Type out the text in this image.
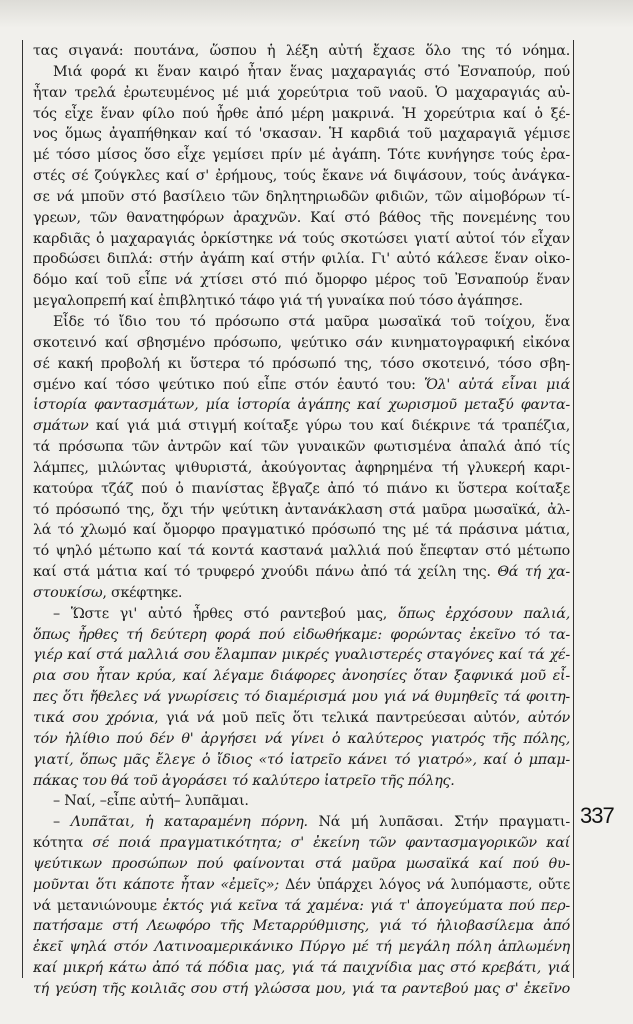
τας σιγανά: πουτάνα, ὥσπου ἡ λέξη αὐτή ἔχασε ὅλο της τό νόημα.
Μιά φορά κι ἕναν καιρό ἦταν ἕνας μαχαραγιάς στό Ἐσναπούρ, πού
ἦταν τρελά ἐρωτευμένος μέ μιά χορεύτρια τοῦ ναοῦ. Ὁ μαχαραγιάς αὐ-
τός εἶχε ἕναν φίλο πού ἦρθε ἀπό μέρη μακρινά. Ἡ χορεύτρια καί ὁ ξέ-
νος ὅμως ἀγαπήθηκαν καί τό 'σκασαν. Ἡ καρδιά τοῦ μαχαραγιᾶ γέμισε
μέ τόσο μίσος ὅσο εἶχε γεμίσει πρίν μέ ἀγάπη. Τότε κυνήγησε τούς ἐρα-
στές σέ ζούγκλες καί σ' ἐρήμους, τούς ἔκανε νά διψάσουν, τούς ἀνάγκα-
σε νά μποῦν στό βασίλειο τῶν δηλητηριωδῶν φιδιῶν, τῶν αἱμοβόρων τί-
γρεων, τῶν θανατηφόρων ἀραχνῶν. Καί στό βάθος τῆς πονεμένης του
καρδιᾶς ὁ μαχαραγιάς ὁρκίστηκε νά τούς σκοτώσει γιατί αὐτοί τόν εἶχαν
προδώσει διπλά: στήν ἀγάπη καί στήν φιλία. Γι' αὐτό κάλεσε ἕναν οἰκο-
δόμο καί τοῦ εἶπε νά χτίσει στό πιό ὄμορφο μέρος τοῦ Ἐσναπούρ ἕναν
μεγαλοπρεπή καί ἐπιβλητικό τάφο γιά τή γυναίκα πού τόσο ἀγάπησε.
Εἶδε τό ἴδιο του τό πρόσωπο στά μαῦρα μωσαϊκά τοῦ τοίχου, ἕνα
σκοτεινό καί σβησμένο πρόσωπο, ψεύτικο σάν κινηματογραφική εἰκόνα
σέ κακή προβολή κι ὕστερα τό πρόσωπό της, τόσο σκοτεινό, τόσο σβη-
σμένο καί τόσο ψεύτικο πού εἶπε στόν ἑαυτό του: Ὅλ' αὐτά εἶναι μιά
ἱστορία φαντασμάτων, μία ἱστορία ἀγάπης καί χωρισμοῦ μεταξύ φαντα-
σμάτων καί γιά μιά στιγμή κοίταξε γύρω του καί διέκρινε τά τραπέζια,
τά πρόσωπα τῶν ἀντρῶν καί τῶν γυναικῶν φωτισμένα ἁπαλά ἀπό τίς
λάμπες, μιλώντας ψιθυριστά, ἀκούγοντας ἀφηρημένα τή γλυκερή καρι-
κατούρα τζάζ πού ὁ πιανίστας ἔβγαζε ἀπό τό πιάνο κι ὕστερα κοίταξε
τό πρόσωπό της, ὄχι τήν ψεύτικη ἀντανάκλαση στά μαῦρα μωσαϊκά, ἀλ-
λά τό χλωμό καί ὄμορφο πραγματικό πρόσωπό της μέ τά πράσινα μάτια,
τό ψηλό μέτωπο καί τά κοντά καστανά μαλλιά πού ἔπεφταν στό μέτωπο
καί στά μάτια καί τό τρυφερό χνούδι πάνω ἀπό τά χείλη της. Θά τή χα-
στουκίσω, σκέφτηκε.
– Ὥστε γι' αὐτό ἦρθες στό ραντεβού μας, ὅπως ἐρχόσουν παλιά,
ὅπως ἦρθες τή δεύτερη φορά πού εἰδωθήκαμε: φορώντας ἐκεῖνο τό τα-
γιέρ καί στά μαλλιά σου ἔλαμπαν μικρές γυαλιστερές σταγόνες καί τά χέ-
ρια σου ἦταν κρύα, καί λέγαμε διάφορες ἀνοησίες ὅταν ξαφνικά μοῦ εἶ-
πες ὅτι ἤθελες νά γνωρίσεις τό διαμέρισμά μου γιά νά θυμηθεῖς τά φοιτη-
τικά σου χρόνια, γιά νά μοῦ πεῖς ὅτι τελικά παντρεύεσαι αὐτόν, αὐτόν
τόν ἠλίθιο πού δέν θ' ἀργήσει νά γίνει ὁ καλύτερος γιατρός τῆς πόλης,
γιατί, ὅπως μᾶς ἔλεγε ὁ ἴδιος «τό ἰατρεῖο κάνει τό γιατρό», καί ὁ μπαμ-
πάκας του θά τοῦ ἀγοράσει τό καλύτερο ἰατρεῖο τῆς πόλης.
– Ναί, –εἶπε αὐτή– λυπᾶμαι.
– Λυπᾶται, ἡ καταραμένη πόρνη. Νά μή λυπᾶσαι. Στήν πραγματι-
κότητα σέ ποιά πραγματικότητα; σ' ἐκείνη τῶν φαντασμαγορικῶν καί
ψεύτικων προσώπων πού φαίνονται στά μαῦρα μωσαϊκά καί πού θυ-
μοῦνται ὅτι κάποτε ἦταν «ἐμεῖς»; Δέν ὑπάρχει λόγος νά λυπόμαστε, οὔτε
νά μετανιώνουμε ἐκτός γιά κεῖνα τά χαμένα: γιά τ' ἀπογεύματα πού περ-
πατήσαμε στή Λεωφόρο τῆς Μεταρρύθμισης, γιά τό ἡλιοβασίλεμα ἀπό
ἐκεῖ ψηλά στόν Λατινοαμερικάνικο Πύργο μέ τή μεγάλη πόλη ἁπλωμένη
καί μικρή κάτω ἀπό τά πόδια μας, γιά τά παιχνίδια μας στό κρεβάτι, γιά
τή γεύση τῆς κοιλιᾶς σου στή γλώσσα μου, γιά τα ραντεβού μας σ' ἐκεῖνο
337
